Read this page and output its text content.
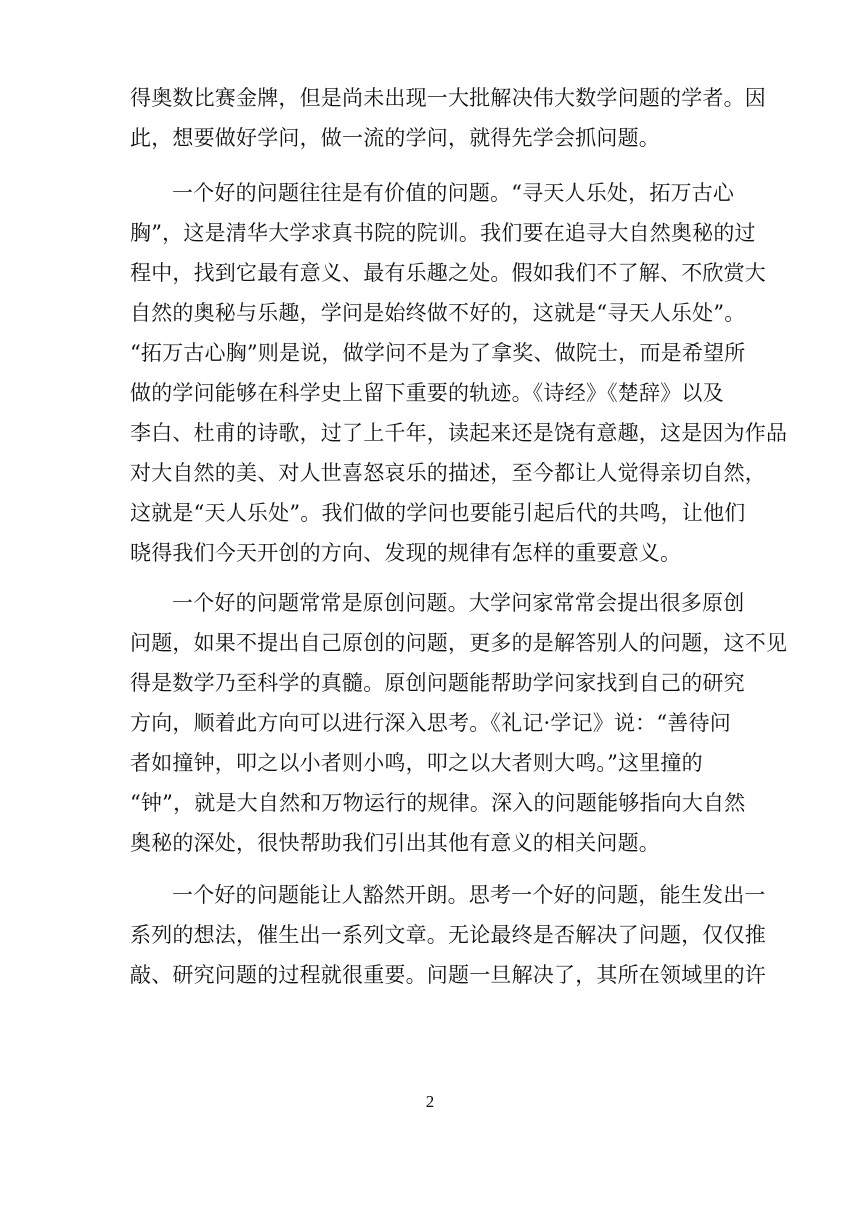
得奥数比赛金牌，但是尚未出现一大批解决伟大数学问题的学者。因
此，想要做好学问，做一流的学问，就得先学会抓问题。
一个好的问题往往是有价值的问题。“寻天人乐处，拓万古心
胸”，这是清华大学求真书院的院训。我们要在追寻大自然奥秘的过
程中，找到它最有意义、最有乐趣之处。假如我们不了解、不欣赏大
自然的奥秘与乐趣，学问是始终做不好的，这就是“寻天人乐处”。
“拓万古心胸”则是说，做学问不是为了拿奖、做院士，而是希望所
做的学问能够在科学史上留下重要的轨迹。《诗经》《楚辞》以及
李白、杜甫的诗歌，过了上千年，读起来还是饶有意趣，这是因为作品
对大自然的美、对人世喜怒哀乐的描述，至今都让人觉得亲切自然，
这就是“天人乐处”。我们做的学问也要能引起后代的共鸣，让他们
晓得我们今天开创的方向、发现的规律有怎样的重要意义。
一个好的问题常常是原创问题。大学问家常常会提出很多原创
问题，如果不提出自己原创的问题，更多的是解答别人的问题，这不见
得是数学乃至科学的真髓。原创问题能帮助学问家找到自己的研究
方向，顺着此方向可以进行深入思考。《礼记·学记》说：“善待问
者如撞钟，叩之以小者则小鸣，叩之以大者则大鸣。”这里撞的
“钟”，就是大自然和万物运行的规律。深入的问题能够指向大自然
奥秘的深处，很快帮助我们引出其他有意义的相关问题。
一个好的问题能让人豁然开朗。思考一个好的问题，能生发出一
系列的想法，催生出一系列文章。无论最终是否解决了问题，仅仅推
敲、研究问题的过程就很重要。问题一旦解决了，其所在领域里的许
2
